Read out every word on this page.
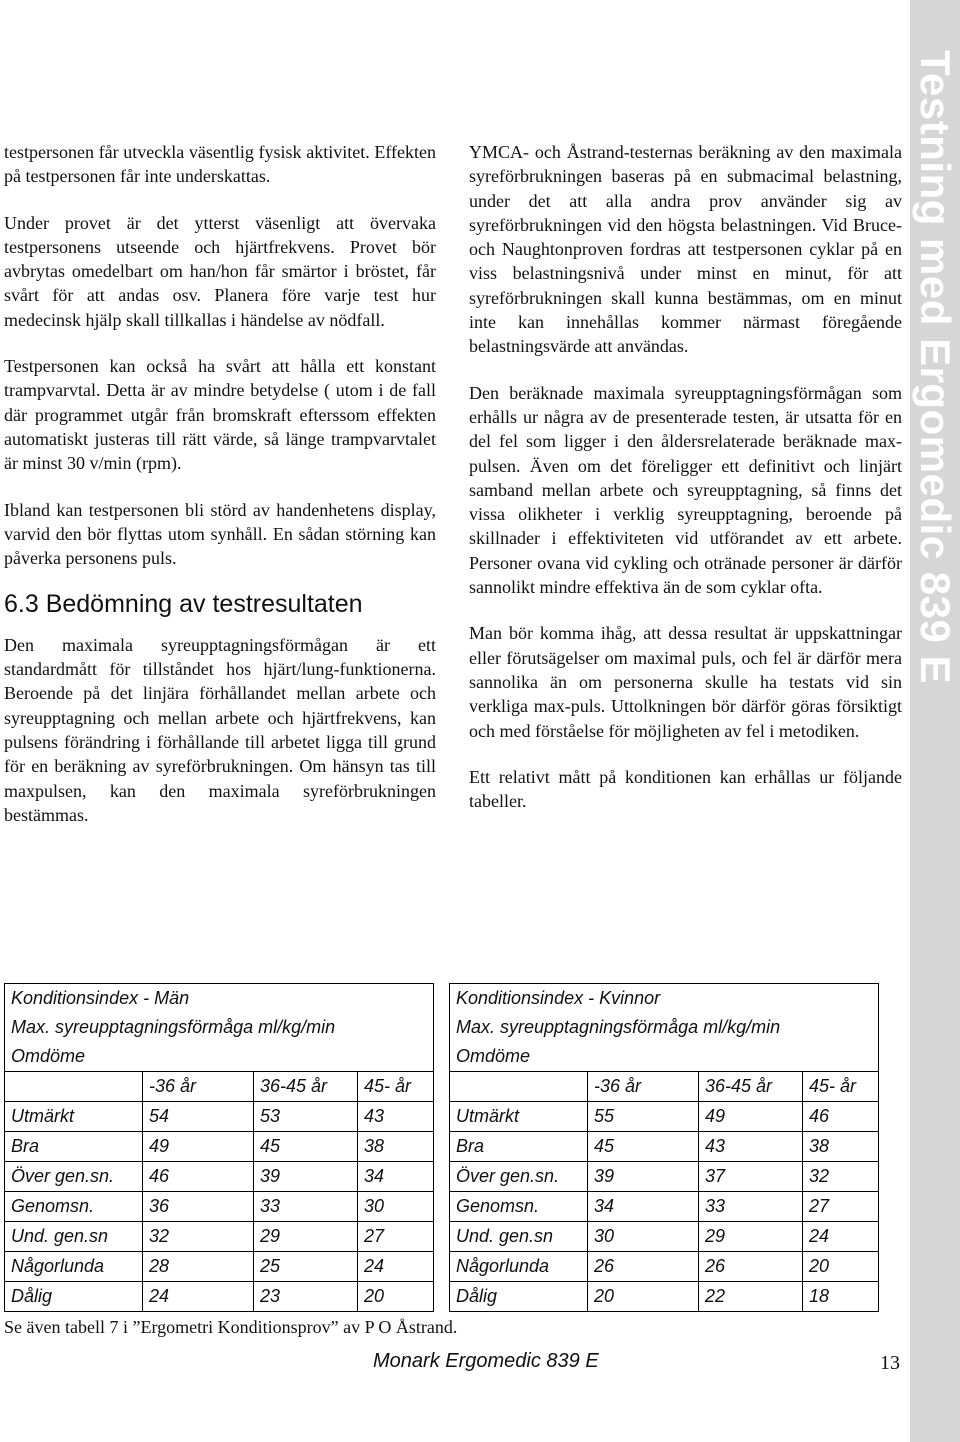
testpersonen får utveckla väsentlig fysisk aktivitet. Effekten på testpersonen får inte underskattas.

Under provet är det ytterst väsenligt att övervaka testpersonens utseende och hjärtfrekvens. Provet bör avbrytas omedelbart om han/hon får smärtor i bröstet, får svårt för att andas osv. Planera före varje test hur medecinsk hjälp skall tillkallas i händelse av nödfall.

Testpersonen kan också ha svårt att hålla ett konstant trampvarvtal. Detta är av mindre betydelse ( utom i de fall där programmet utgår från bromskraft efterssom effekten automatiskt justeras till rätt värde, så länge trampvarvtalet är minst 30 v/min (rpm).

Ibland kan testpersonen bli störd av handenhetens display, varvid den bör flyttas utom synhåll. En sådan störning kan påverka personens puls.

6.3 Bedömning av testresultaten

Den maximala syreupptagningsförmågan är ett standardmått för tillståndet hos hjärt/lung-funktionerna. Beroende på det linjära förhållandet mellan arbete och syreupptagning och mellan arbete och hjärtfrekvens, kan pulsens förändring i förhållande till arbetet ligga till grund för en beräkning av syreförbrukningen. Om hänsyn tas till maxpulsen, kan den maximala syreförbrukningen bestämmas.

YMCA- och Åstrand-testernas beräkning av den maximala syreförbrukningen baseras på en submacimal belastning, under det att alla andra prov använder sig av syreförbrukningen vid den högsta belastningen. Vid Bruce- och Naughtonproven fordras att testpersonen cyklar på en viss belastningsnivå under minst en minut, för att syreförbrukningen skall kunna bestämmas, om en minut inte kan innehållas kommer närmast föregående belastningsvärde att användas.

Den beräknade maximala syreupptagningsförmågan som erhålls ur några av de presenterade testen, är utsatta för en del fel som ligger i den åldersrelaterade beräknade max-pulsen. Även om det föreligger ett definitivt och linjärt samband mellan arbete och syreupptagning, så finns det vissa olikheter i verklig syreupptagning, beroende på skillnader i effektiviteten vid utförandet av ett arbete. Personer ovana vid cykling och otränade personer är därför sannolikt mindre effektiva än de som cyklar ofta.

Man bör komma ihåg, att dessa resultat är uppskattningar eller förutsägelser om maximal puls, och fel är därför mera sannolika än om personerna skulle ha testats vid sin verkliga max-puls. Uttolkningen bör därför göras försiktigt och med förståelse för möjligheten av fel i metodiken.

Ett relativt mått på konditionen kan erhållas ur följande tabeller.

Testning med Ergomedic 839 E
Konditionsindex - Män			
Max. syreupptagningsförmåga ml/kg/min			
Omdöme			
	-36 år	36-45 år	45- år
Utmärkt	54	53	43
Bra	49	45	38
Över gen.sn.	46	39	34
Genomsn.	36	33	30
Und. gen.sn	32	29	27
Någorlunda	28	25	24
Dålig	24	23	20
Konditionsindex - Kvinnor			
Max. syreupptagningsförmåga ml/kg/min			
Omdöme			
	-36 år	36-45 år	45- år
Utmärkt	55	49	46
Bra	45	43	38
Över gen.sn.	39	37	32
Genomsn.	34	33	27
Und. gen.sn	30	29	24
Någorlunda	26	26	20
Dålig	20	22	18
Se även tabell 7 i ”Ergometri Konditionsprov” av P O Åstrand.
Monark Ergomedic 839 E	13
